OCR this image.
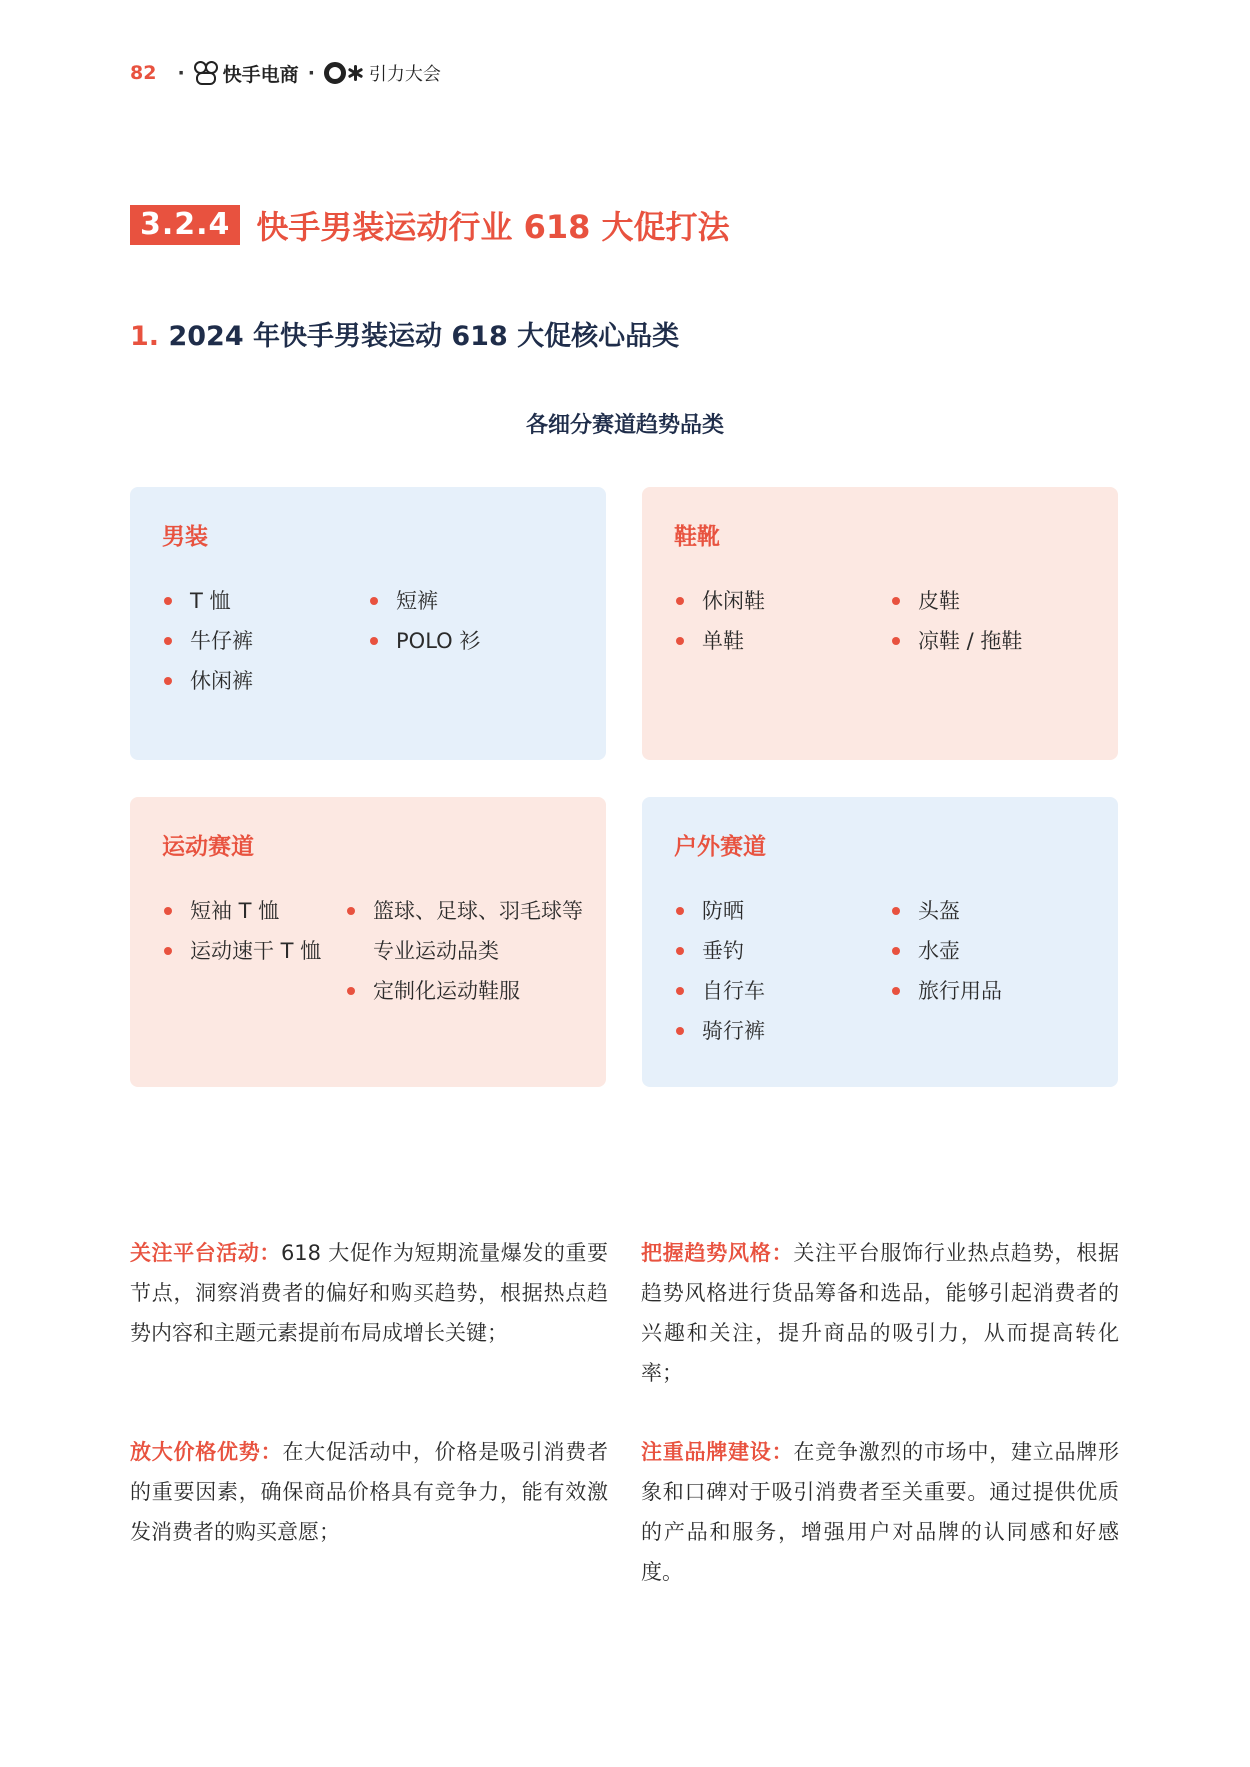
82 · 快手电商 ·	引力大会
3.2.4 快手男装运动行业 618 大促打法
1. 2024 年快手男装运动 618 大促核心品类
各细分赛道趋势品类
男装
T 恤
牛仔裤
休闲裤
短裤
POLO 衫
鞋靴
休闲鞋
单鞋
皮鞋
凉鞋 / 拖鞋
运动赛道
短袖 T 恤
运动速干 T 恤
篮球、足球、羽毛球等专业运动品类
定制化运动鞋服
户外赛道
防晒
垂钓
自行车
骑行裤
头盔
水壶
旅行用品
关注平台活动：618 大促作为短期流量爆发的重要节点，洞察消费者的偏好和购买趋势，根据热点趋势内容和主题元素提前布局成增长关键；
把握趋势风格：关注平台服饰行业热点趋势，根据趋势风格进行货品筹备和选品，能够引起消费者的兴趣和关注，提升商品的吸引力，从而提高转化率；
放大价格优势：在大促活动中，价格是吸引消费者的重要因素，确保商品价格具有竞争力，能有效激发消费者的购买意愿；
注重品牌建设：在竞争激烈的市场中，建立品牌形象和口碑对于吸引消费者至关重要。通过提供优质的产品和服务，增强用户对品牌的认同感和好感度。
